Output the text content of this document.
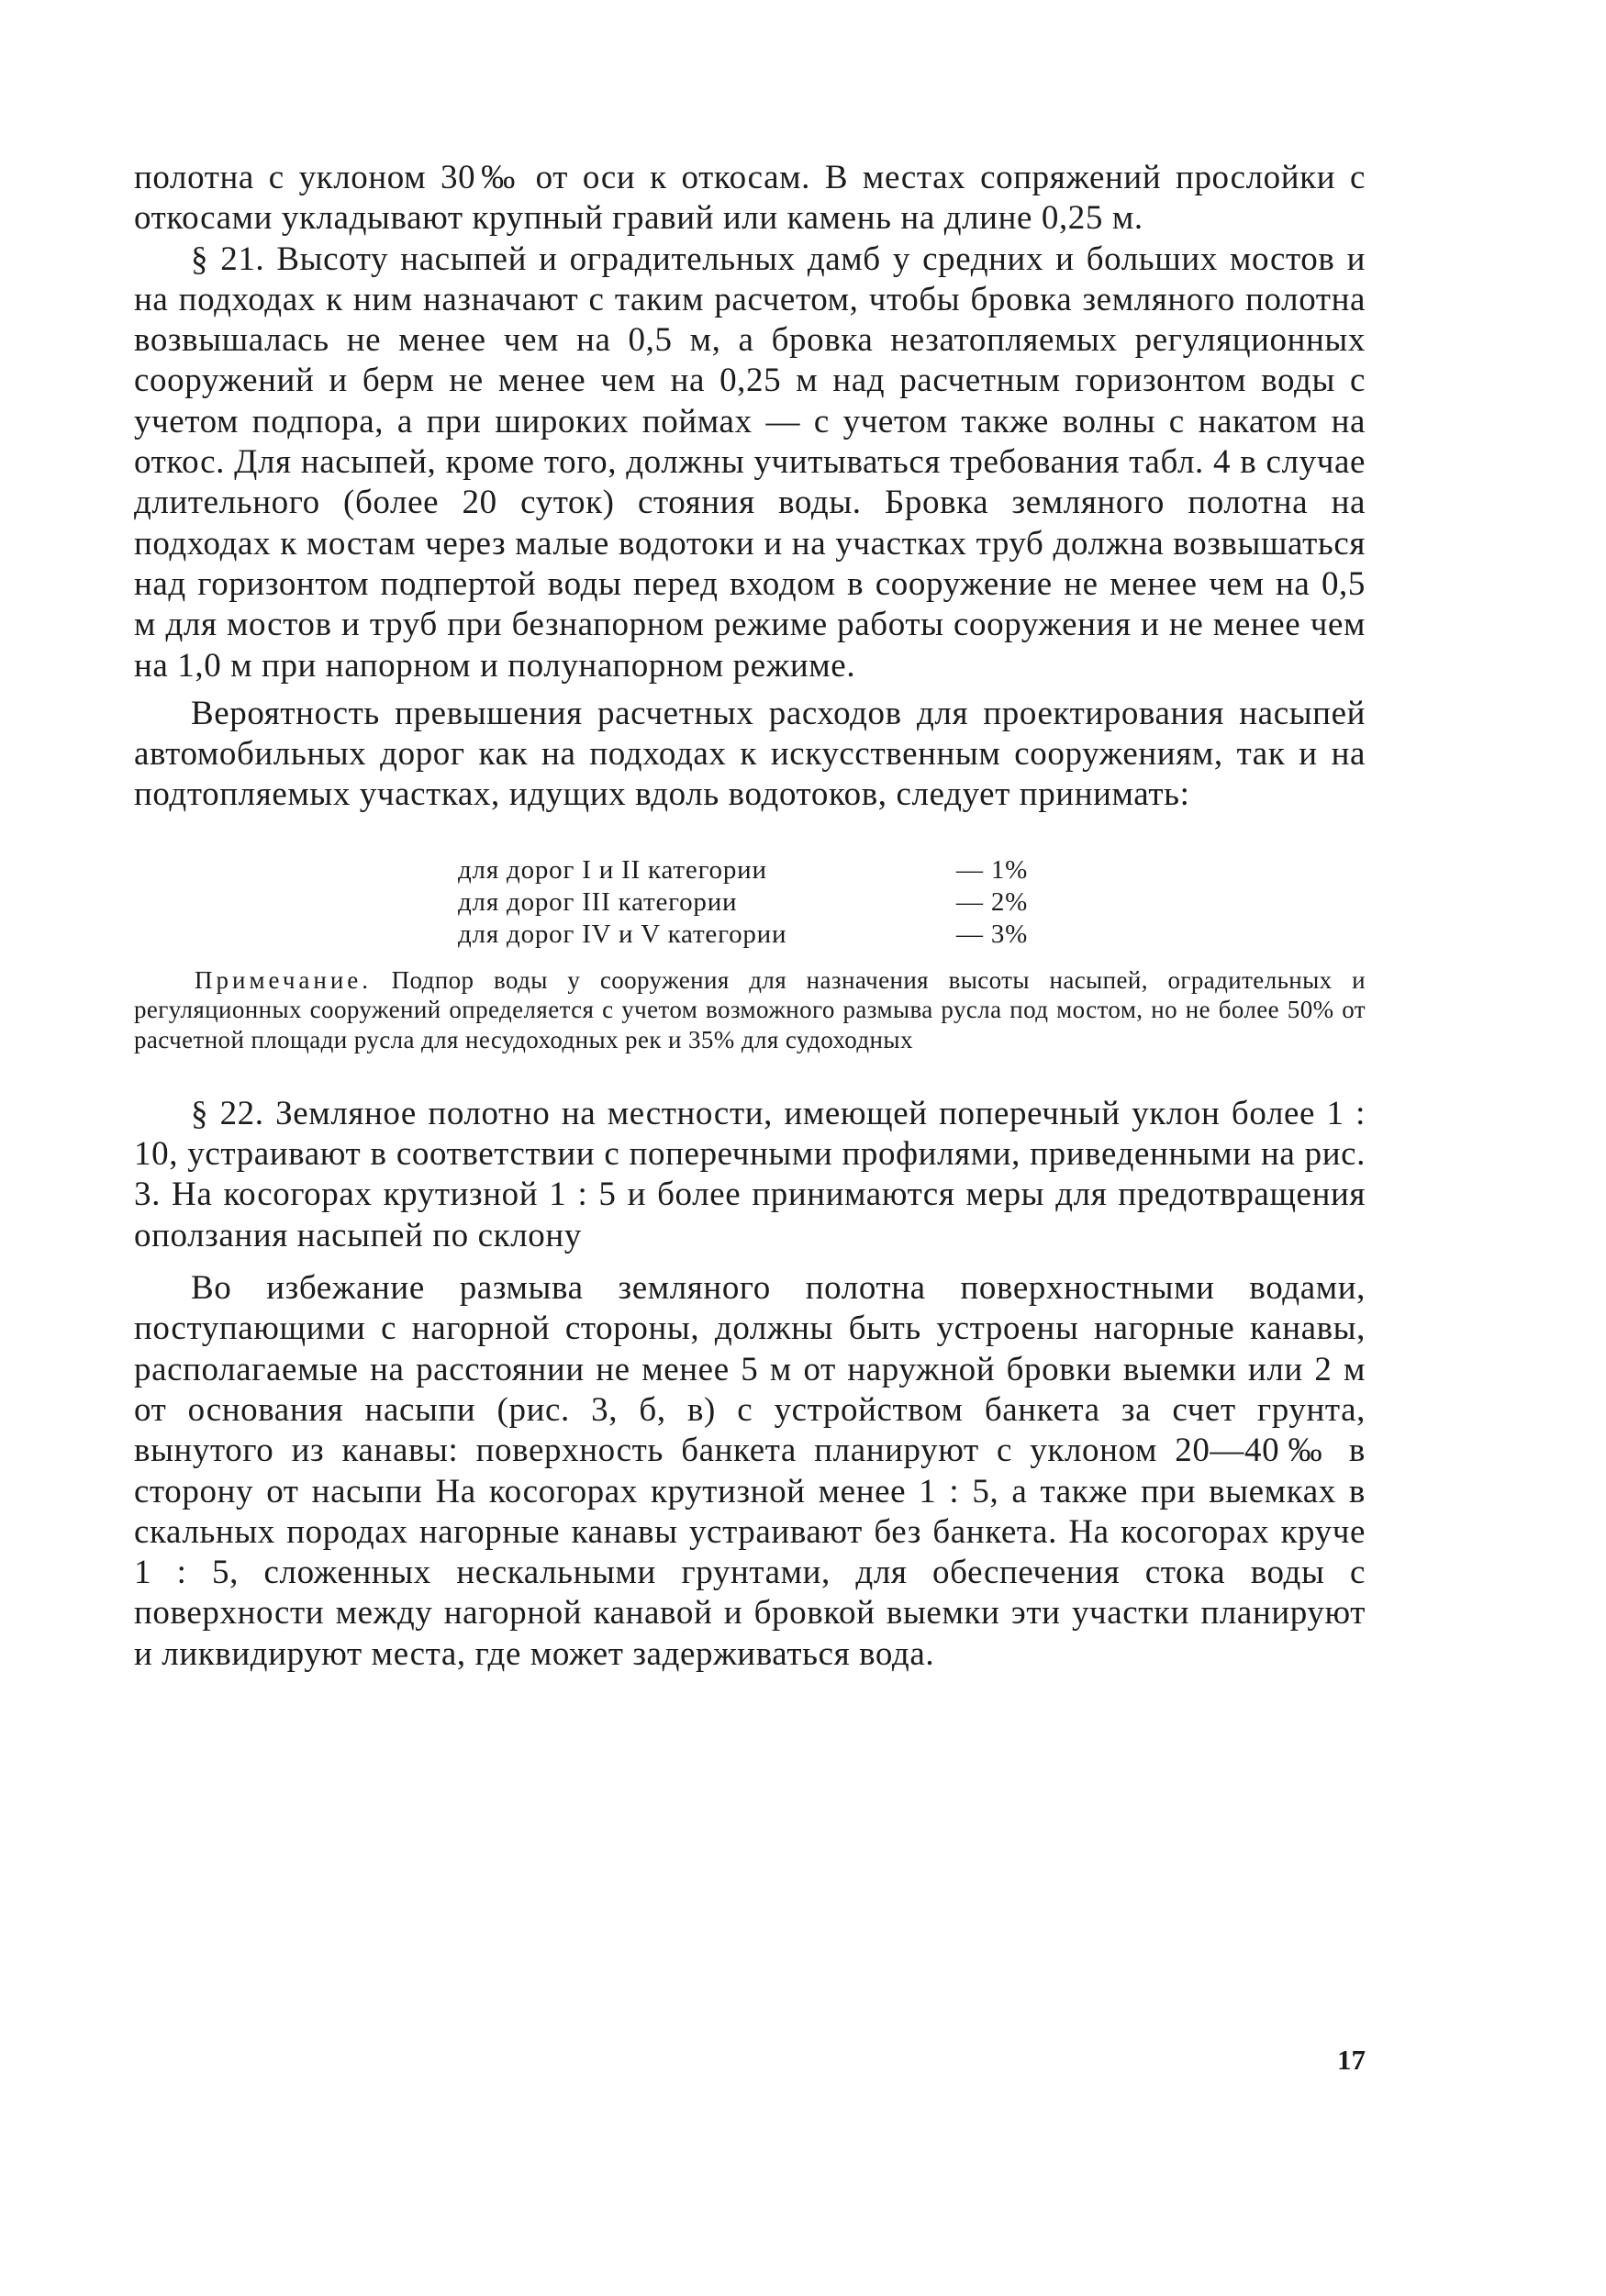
полотна с уклоном 30‰ от оси к откосам. В местах сопряжений прослойки с откосами укладывают крупный гравий или камень на длине 0,25 м.

§ 21. Высоту насыпей и оградительных дамб у средних и больших мостов и на подходах к ним назначают с таким расчетом, чтобы бровка земляного полотна возвышалась не менее чем на 0,5 м, а бровка незатопляемых регуляционных сооружений и берм не менее чем на 0,25 м над расчетным горизонтом воды с учетом подпора, а при широких поймах — с учетом также волны с накатом на откос. Для насыпей, кроме того, должны учитываться требования табл. 4 в случае длительного (более 20 суток) стояния воды. Бровка земляного полотна на подходах к мостам через малые водотоки и на участках труб должна возвышаться над горизонтом подпертой воды перед входом в сооружение не менее чем на 0,5 м для мостов и труб при безнапорном режиме работы сооружения и не менее чем на 1,0 м при напорном и полунапорном режиме.

Вероятность превышения расчетных расходов для проектирования насыпей автомобильных дорог как на подходах к искусственным сооружениям, так и на подтопляемых участках, идущих вдоль водотоков, следует принимать:

для дорог I и II категории	— 1%
для дорог III категории	— 2%
для дорог IV и V категории	— 3%

Примечание. Подпор воды у сооружения для назначения высоты насыпей, оградительных и регуляционных сооружений определяется с учетом возможного размыва русла под мостом, но не более 50% от расчетной площади русла для несудоходных рек и 35% для судоходных

§ 22. Земляное полотно на местности, имеющей поперечный уклон более 1 : 10, устраивают в соответствии с поперечными профилями, приведенными на рис. 3. На косогорах крутизной 1 : 5 и более принимаются меры для предотвращения оползания насыпей по склону

Во избежание размыва земляного полотна поверхностными водами, поступающими с нагорной стороны, должны быть устроены нагорные канавы, располагаемые на расстоянии не менее 5 м от наружной бровки выемки или 2 м от основания насыпи (рис. 3, б, в) с устройством банкета за счет грунта, вынутого из канавы: поверхность банкета планируют с уклоном 20—40‰ в сторону от насыпи На косогорах крутизной менее 1 : 5, а также при выемках в скальных породах нагорные канавы устраивают без банкета. На косогорах круче 1 : 5, сложенных нескальными грунтами, для обеспечения стока воды с поверхности между нагорной канавой и бровкой выемки эти участки планируют и ликвидируют места, где может задерживаться вода.

17
